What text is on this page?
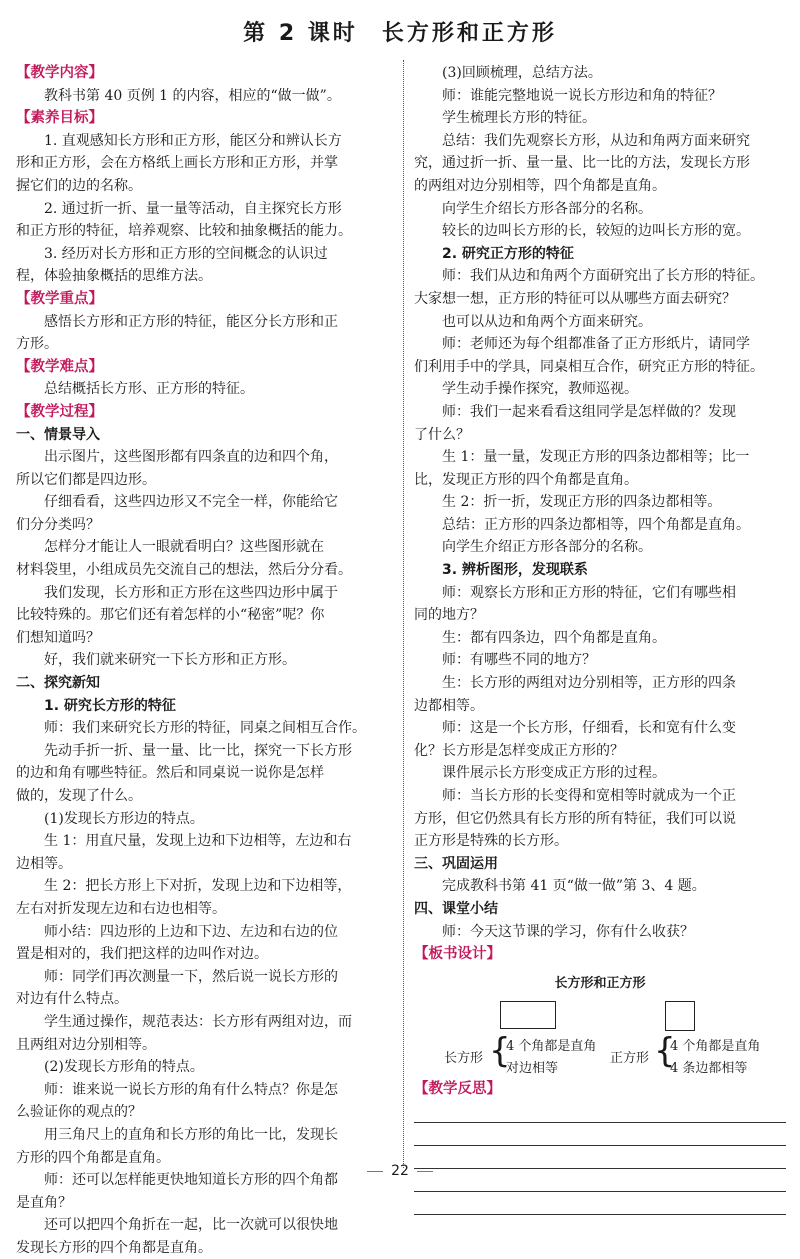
第 2 课时 长方形和正方形
【教学内容】
教科书第 40 页例 1 的内容，相应的“做一做”。
【素养目标】
1. 直观感知长方形和正方形，能区分和辨认长方
形和正方形，会在方格纸上画长方形和正方形，并掌
握它们的边的名称。
2. 通过折一折、量一量等活动，自主探究长方形
和正方形的特征，培养观察、比较和抽象概括的能力。
3. 经历对长方形和正方形的空间概念的认识过
程，体验抽象概括的思维方法。
【教学重点】
感悟长方形和正方形的特征，能区分长方形和正
方形。
【教学难点】
总结概括长方形、正方形的特征。
【教学过程】
一、情景导入
出示图片，这些图形都有四条直的边和四个角，
所以它们都是四边形。
仔细看看，这些四边形又不完全一样，你能给它
们分分类吗？
怎样分才能让人一眼就看明白？这些图形就在
材料袋里，小组成员先交流自己的想法，然后分分看。
我们发现，长方形和正方形在这些四边形中属于
比较特殊的。那它们还有着怎样的小“秘密”呢？你
们想知道吗？
好，我们就来研究一下长方形和正方形。
二、探究新知
1. 研究长方形的特征
师：我们来研究长方形的特征，同桌之间相互合作。
先动手折一折、量一量、比一比，探究一下长方形
的边和角有哪些特征。然后和同桌说一说你是怎样
做的，发现了什么。
(1)发现长方形边的特点。
生 1：用直尺量，发现上边和下边相等，左边和右
边相等。
生 2：把长方形上下对折，发现上边和下边相等，
左右对折发现左边和右边也相等。
师小结：四边形的上边和下边、左边和右边的位
置是相对的，我们把这样的边叫作对边。
师：同学们再次测量一下，然后说一说长方形的
对边有什么特点。
学生通过操作，规范表达：长方形有两组对边，而
且两组对边分别相等。
(2)发现长方形角的特点。
师：谁来说一说长方形的角有什么特点？你是怎
么验证你的观点的？
用三角尺上的直角和长方形的角比一比，发现长
方形的四个角都是直角。
师：还可以怎样能更快地知道长方形的四个角都
是直角？
还可以把四个角折在一起，比一次就可以很快地
发现长方形的四个角都是直角。
(3)回顾梳理，总结方法。
师：谁能完整地说一说长方形边和角的特征？
学生梳理长方形的特征。
总结：我们先观察长方形，从边和角两方面来研究
究，通过折一折、量一量、比一比的方法，发现长方形
的两组对边分别相等，四个角都是直角。
向学生介绍长方形各部分的名称。
较长的边叫长方形的长，较短的边叫长方形的宽。
2. 研究正方形的特征
师：我们从边和角两个方面研究出了长方形的特征。
大家想一想，正方形的特征可以从哪些方面去研究？
也可以从边和角两个方面来研究。
师：老师还为每个组都准备了正方形纸片，请同学
们利用手中的学具，同桌相互合作，研究正方形的特征。
学生动手操作探究，教师巡视。
师：我们一起来看看这组同学是怎样做的？发现
了什么？
生 1：量一量，发现正方形的四条边都相等；比一
比，发现正方形的四个角都是直角。
生 2：折一折，发现正方形的四条边都相等。
总结：正方形的四条边都相等，四个角都是直角。
向学生介绍正方形各部分的名称。
3. 辨析图形，发现联系
师：观察长方形和正方形的特征，它们有哪些相
同的地方？
生：都有四条边，四个角都是直角。
师：有哪些不同的地方？
生：长方形的两组对边分别相等，正方形的四条
边都相等。
师：这是一个长方形，仔细看，长和宽有什么变
化？长方形是怎样变成正方形的？
课件展示长方形变成正方形的过程。
师：当长方形的长变得和宽相等时就成为一个正
方形，但它仍然具有长方形的所有特征，我们可以说
正方形是特殊的长方形。
三、巩固运用
完成教科书第 41 页“做一做”第 3、4 题。
四、课堂小结
师：今天这节课的学习，你有什么收获？
【板书设计】
长方形和正方形
长方形 {
4 个角都是直角
对边相等
正方形 {
4 个角都是直角
4 条边都相等
【教学反思】
22
